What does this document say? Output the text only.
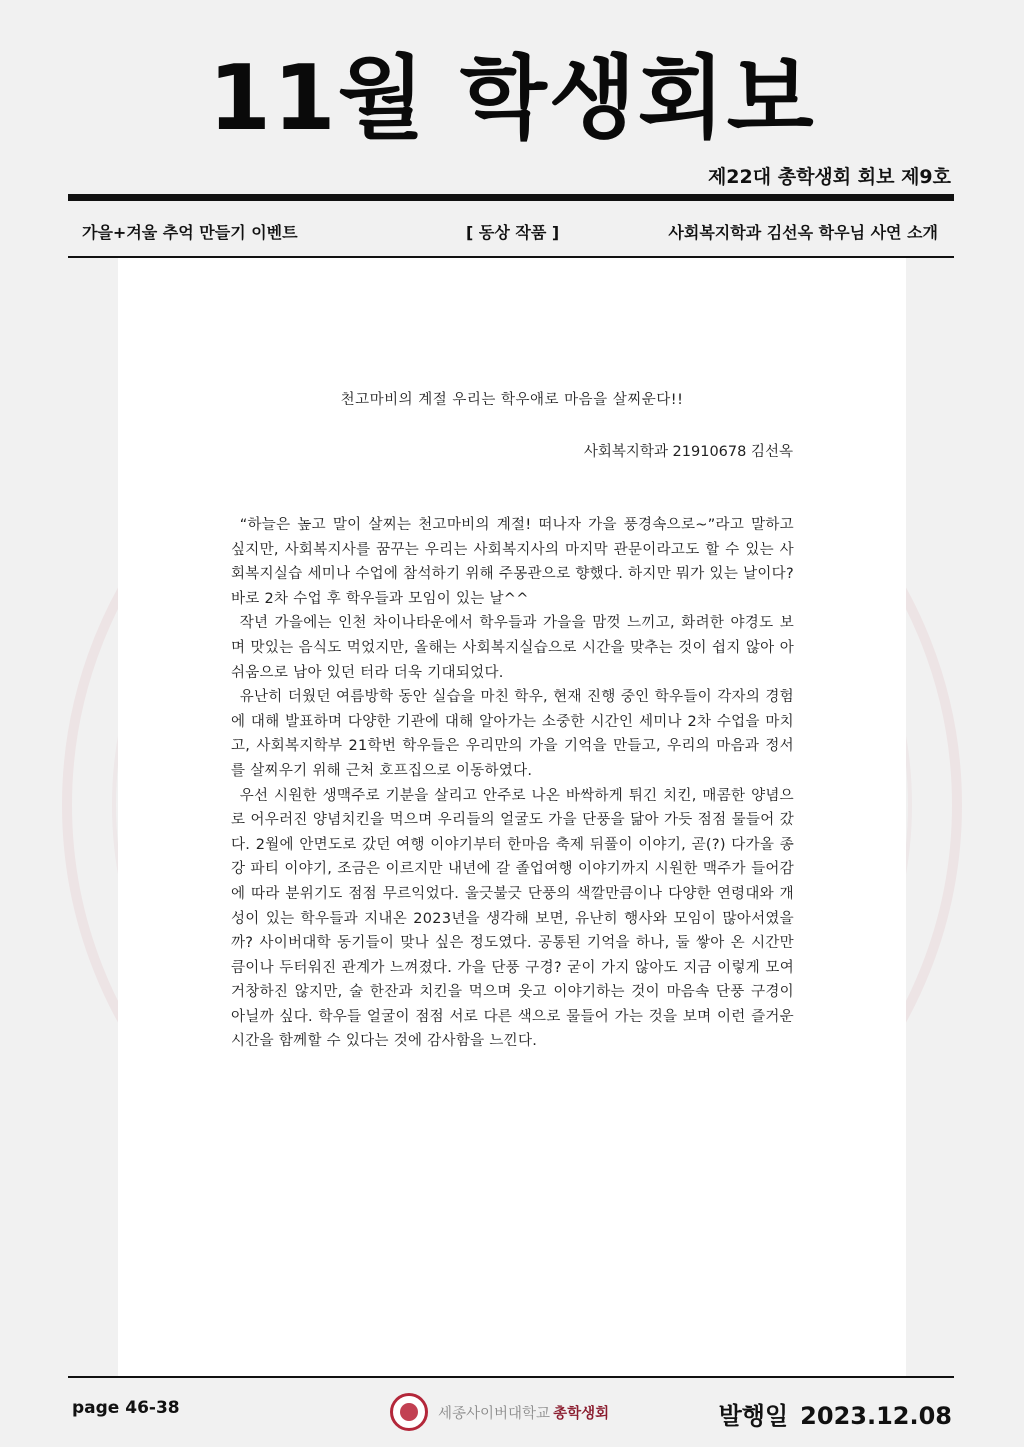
11월 학생회보
제22대 총학생회 회보 제9호
가을+겨울 추억 만들기 이벤트	[ 동상 작품 ]	사회복지학과 김선옥 학우님 사연 소개
천고마비의 계절 우리는 학우애로 마음을 살찌운다!!
사회복지학과 21910678 김선옥

“하늘은 높고 말이 살찌는 천고마비의 계절! 떠나자 가을 풍경속으로~”라고 말하고 싶지만, 사회복지사를 꿈꾸는 우리는 사회복지사의 마지막 관문이라고도 할 수 있는 사회복지실습 세미나 수업에 참석하기 위해 주몽관으로 향했다. 하지만 뭐가 있는 날이다? 바로 2차 수업 후 학우들과 모임이 있는 날^^

작년 가을에는 인천 차이나타운에서 학우들과 가을을 맘껏 느끼고, 화려한 야경도 보며 맛있는 음식도 먹었지만, 올해는 사회복지실습으로 시간을 맞추는 것이 쉽지 않아 아쉬움으로 남아 있던 터라 더욱 기대되었다.

유난히 더웠던 여름방학 동안 실습을 마친 학우, 현재 진행 중인 학우들이 각자의 경험에 대해 발표하며 다양한 기관에 대해 알아가는 소중한 시간인 세미나 2차 수업을 마치고, 사회복지학부 21학번 학우들은 우리만의 가을 기억을 만들고, 우리의 마음과 정서를 살찌우기 위해 근처 호프집으로 이동하였다.

우선 시원한 생맥주로 기분을 살리고 안주로 나온 바싹하게 튀긴 치킨, 매콤한 양념으로 어우러진 양념치킨을 먹으며 우리들의 얼굴도 가을 단풍을 닮아 가듯 점점 물들어 갔다. 2월에 안면도로 갔던 여행 이야기부터 한마음 축제 뒤풀이 이야기, 곧(?) 다가올 종강 파티 이야기, 조금은 이르지만 내년에 갈 졸업여행 이야기까지 시원한 맥주가 들어감에 따라 분위기도 점점 무르익었다. 울긋불긋 단풍의 색깔만큼이나 다양한 연령대와 개성이 있는 학우들과 지내온 2023년을 생각해 보면, 유난히 행사와 모임이 많아서였을까? 사이버대학 동기들이 맞나 싶은 정도였다. 공통된 기억을 하나, 둘 쌓아 온 시간만큼이나 두터워진 관계가 느껴졌다. 가을 단풍 구경? 굳이 가지 않아도 지금 이렇게 모여 거창하진 않지만, 술 한잔과 치킨을 먹으며 웃고 이야기하는 것이 마음속 단풍 구경이 아닐까 싶다. 학우들 얼굴이 점점 서로 다른 색으로 물들어 가는 것을 보며 이런 즐거운 시간을 함께할 수 있다는 것에 감사함을 느낀다.

page 46-38	세종사이버대학교 총학생회	발행일 2023.12.08
